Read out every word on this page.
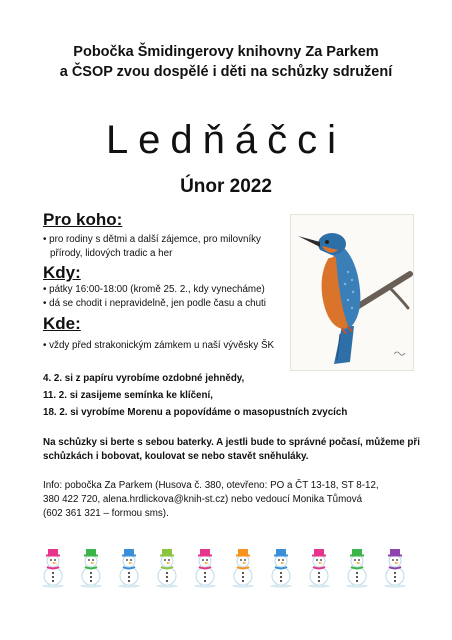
Pobočka Šmidingerovy knihovny Za Parkem
a ČSOP zvou dospělé i děti na schůzky sdružení
Ledňáčci
Únor 2022
Pro koho:
• pro rodiny s dětmi a další zájemce, pro milovníky
přírody, lidových tradic a her
Kdy:
• pátky 16:00-18:00 (kromě 25. 2., kdy vynecháme)
• dá se chodit i nepravidelně, jen podle času a chuti
Kde:
• vždy před strakonickým zámkem u naší vývěsky ŠK
4. 2. si z papíru vyrobíme ozdobné jehnědy,
11. 2. si zasijeme semínka ke klíčení,
18. 2. si vyrobíme Morenu a popovídáme o masopustních zvycích
Na schůzky si berte s sebou baterky. A jestli bude to správné počasí, můžeme při
schůzkách i bobovat, koulovat se nebo stavět sněhuláky.
Info: pobočka Za Parkem (Husova č. 380, otevřeno: PO a ČT 13-18, ST 8-12,
380 422 720, alena.hrdlickova@knih-st.cz) nebo vedoucí Monika Tůmová
(602 361 321 – formou sms).
